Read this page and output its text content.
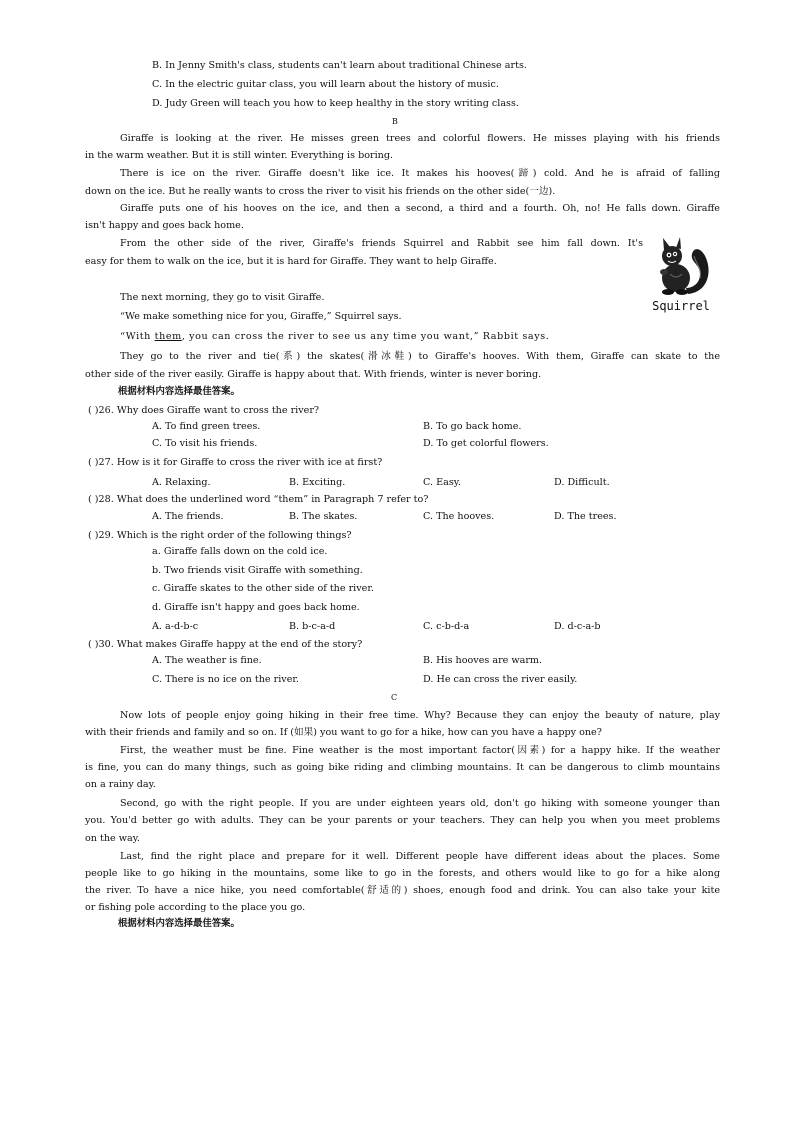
B. In Jenny Smith's class, students can't learn about traditional Chinese arts.
C. In the electric guitar class, you will learn about the history of music.
D. Judy Green will teach you how to keep healthy in the story writing class.
B
Giraffe is looking at the river. He misses green trees and colorful flowers. He misses playing with his friends
in the warm weather. But it is still winter. Everything is boring.
There is ice on the river. Giraffe doesn't like ice. It makes his hooves(蹄) cold. And he is afraid of falling
down on the ice. But he really wants to cross the river to visit his friends on the other side(一边).
Giraffe puts one of his hooves on the ice, and then a second, a third and a fourth. Oh, no! He falls down. Giraffe
isn't happy and goes back home.
From the other side of the river, Giraffe's friends Squirrel and Rabbit see him fall down. It's
easy for them to walk on the ice, but it is hard for Giraffe. They want to help Giraffe.
Squirrel
The next morning, they go to visit Giraffe.
“We make something nice for you, Giraffe,” Squirrel says.
“With them, you can cross the river to see us any time you want,” Rabbit says.
They go to the river and tie(系) the skates(滑冰鞋) to Giraffe's hooves. With them, Giraffe can skate to the
other side of the river easily. Giraffe is happy about that. With friends, winter is never boring.
根据材料内容选择最佳答案。
( )26. Why does Giraffe want to cross the river?
A. To find green trees.	B. To go back home.
C. To visit his friends.	D. To get colorful flowers.
( )27. How is it for Giraffe to cross the river with ice at first?
A. Relaxing.	B. Exciting.	C. Easy.	D. Difficult.
( )28. What does the underlined word “them” in Paragraph 7 refer to?
A. The friends.	B. The skates.	C. The hooves.	D. The trees.
( )29. Which is the right order of the following things?
a. Giraffe falls down on the cold ice.
b. Two friends visit Giraffe with something.
c. Giraffe skates to the other side of the river.
d. Giraffe isn't happy and goes back home.
A. a-d-b-c	B. b-c-a-d	C. c-b-d-a	D. d-c-a-b
( )30. What makes Giraffe happy at the end of the story?
A. The weather is fine.	B. His hooves are warm.
C. There is no ice on the river.	D. He can cross the river easily.
C
Now lots of people enjoy going hiking in their free time. Why? Because they can enjoy the beauty of nature, play
with their friends and family and so on. If (如果) you want to go for a hike, how can you have a happy one?
First, the weather must be fine. Fine weather is the most important factor(因素) for a happy hike. If the weather
is fine, you can do many things, such as going bike riding and climbing mountains. It can be dangerous to climb mountains
on a rainy day.
Second, go with the right people. If you are under eighteen years old, don't go hiking with someone younger than
you. You'd better go with adults. They can be your parents or your teachers. They can help you when you meet problems
on the way.
Last, find the right place and prepare for it well. Different people have different ideas about the places. Some
people like to go hiking in the mountains, some like to go in the forests, and others would like to go for a hike along
the river. To have a nice hike, you need comfortable(舒适的) shoes, enough food and drink. You can also take your kite
or fishing pole according to the place you go.
根据材料内容选择最佳答案。
